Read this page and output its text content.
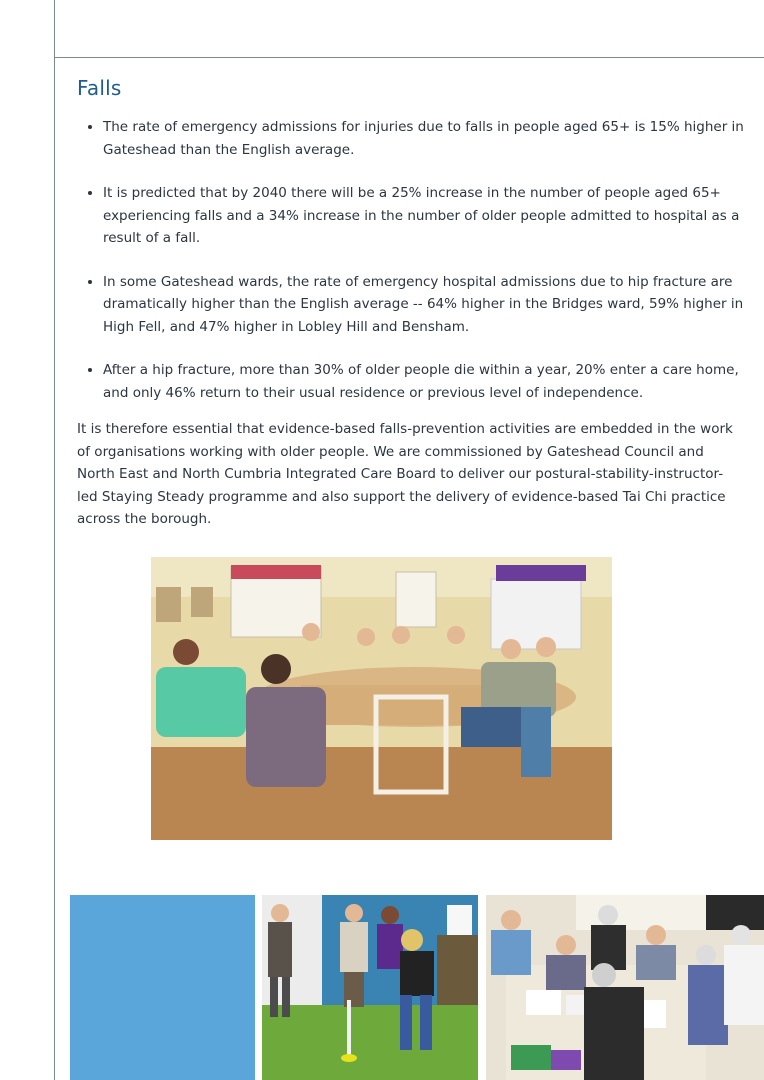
Falls
• The rate of emergency admissions for injuries due to falls in people aged 65+ is 15% higher in Gateshead than the English average.
• It is predicted that by 2040 there will be a 25% increase in the number of people aged 65+ experiencing falls and a 34% increase in the number of older people admitted to hospital as a result of a fall.
• In some Gateshead wards, the rate of emergency hospital admissions due to hip fracture are dramatically higher than the English average -- 64% higher in the Bridges ward, 59% higher in High Fell, and 47% higher in Lobley Hill and Bensham.
• After a hip fracture, more than 30% of older people die within a year, 20% enter a care home, and only 46% return to their usual residence or previous level of independence.

It is therefore essential that evidence-based falls-prevention activities are embedded in the work of organisations working with older people. We are commissioned by Gateshead Council and North East and North Cumbria Integrated Care Board to deliver our postural-stability-instructor-led Staying Steady programme and also support the delivery of evidence-based Tai Chi practice across the borough.
